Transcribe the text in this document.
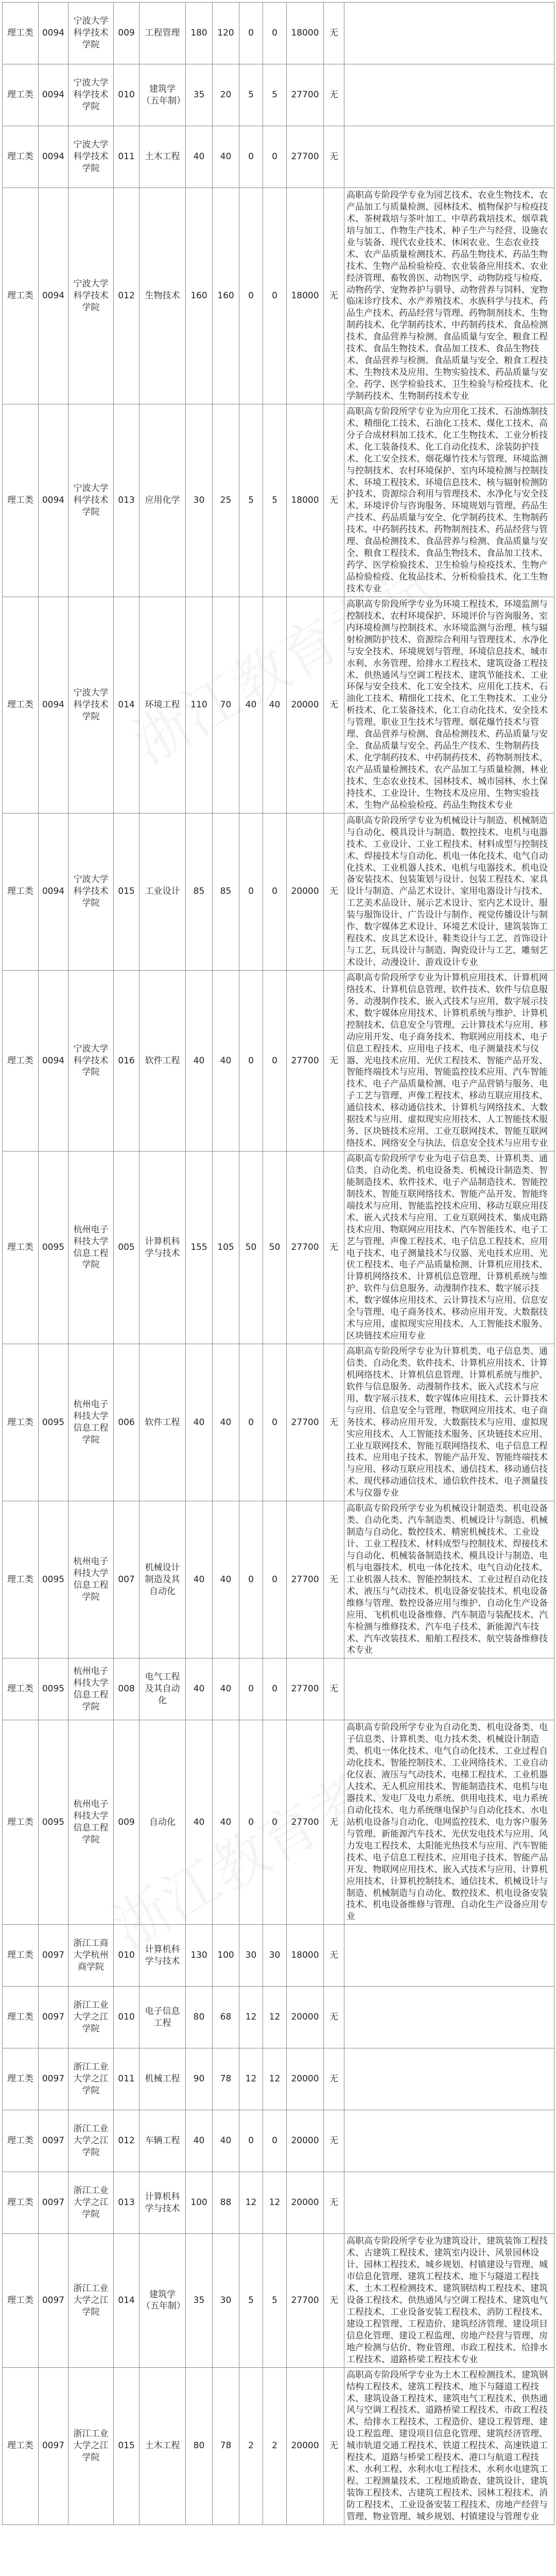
理工类	0094	宁波大学科学技术学院	009	工程管理	180	120	0	0	18000	无	
理工类	0094	宁波大学科学技术学院	010	建筑学（五年制）	35	20	5	5	27700	无	
理工类	0094	宁波大学科学技术学院	011	土木工程	40	40	0	0	27700	无	
理工类	0094	宁波大学科学技术学院	012	生物技术	160	160	0	0	18000	无	高职高专阶段学专业为园艺技术、农业生物技术、农产品加工与质量检测、园林技术、植物保护与检疫技术、茶树栽培与茶叶加工、中草药栽培技术、烟草栽培与加工、作物生产技术、种子生产与经营、设施农业与装备、现代农业技术、休闲农业、生态农业技术、农产品质量检测技术、药品生物技术、药品生物技术、生物产品检验检疫、农业装备应用技术、农业经济管理、畜牧兽医、动物医学、动物防疫与检疫、动物药学、宠物养护与驯导、动物营养与饲料、宠物临床诊疗技术、水产养殖技术、水族科学与技术、药品生产技术、药品经营与管理、药物制剂技术、生物制药技术、化学制药技术、中药制药技术、食品检测技术、食品营养与检测、食品质量与安全、粮食工程技术、食品生物技术、食品加工技术、食品生物技术、食品营养与检测、食品质量与安全、粮食工程技术、生物技术及应用、生物实验技术、药品质量与安全、药学、医学检验技术、卫生检验与检疫技术、化学制药技术、生物制药技术专业
理工类	0094	宁波大学科学技术学院	013	应用化学	30	25	5	5	18000	无	高职高专阶段所学专业为应用化工技术、石油炼制技术、精细化工技术、石油化工技术、煤化工技术、高分子合成材料加工技术、化工生物技术、工业分析技术、化工装备技术、化工自动化技术、涂装防护技术、化工安全技术、烟花爆竹技术与管理、环境监测与控制技术、农村环境保护、室内环境检测与控制技术、环境工程技术、环境信息技术、核与辐射检测防护技术、资源综合利用与管理技术、水净化与安全技术、环境评价与咨询服务、环境规划与管理、药品生产技术、药品质量与安全、化学制药技术、生物制药技术、中药制药技术、药物制剂技术、药品经营与管理、食品检测技术、食品营养与检测、食品质量与安全、粮食工程技术、食品生物技术、食品加工技术、药学、医学检验技术、卫生检验与检疫技术、生物产品检验检疫、化妆品技术、分析检验技术、化工生物技术专业
理工类	0094	宁波大学科学技术学院	014	环境工程	110	70	40	40	20000	无	高职高专阶段所学专业为环境工程技术、环境监测与控制技术、农村环境保护、环境评价与咨询服务、室内环境检测与控制技术、水环境监测与治理、核与辐射检测防护技术、资源综合利用与管理技术、水净化与安全技术、环境规划与管理、环境信息技术、城市水利、水务管理、给排水工程技术、建筑设备工程技术、供热通风与空调工程技术、建筑节能技术、工业环保与安全技术、化工安全技术、应用化工技术、石油化工技术、精细化工技术、化工生物技术、工业分析技术、化工装备技术、化工自动化技术、安全技术与管理、职业卫生技术与管理、烟花爆竹技术与管理、食品营养与检测、食品检测技术、药品质量与安全、食品质量与安全、药品生产技术、生物制药技术、化学制药技术、中药制药技术、药物制剂技术、农产品质量检测技术、农产品加工与质量检测、林业技术、生态农业技术、园林技术、城市园林、水土保持技术、工业设计、生物技术及应用、生物实验技术、生物产品检验检疫、药品生物技术专业
理工类	0094	宁波大学科学技术学院	015	工业设计	85	85	0	0	20000	无	高职高专阶段所学专业为机械设计与制造、机械制造与自动化、模具设计与制造、数控技术、电机与电器技术、工业设计、工业工程技术、材料成型与控制技术、焊接技术与自动化、机电一体化技术、电气自动化技术、工业机器人技术、电机与电器技术、机电设备安装技术、包装策划与设计、包装工程技术、家具设计与制造、产品艺术设计、家用电器设计与技术、工艺美术品设计、展示艺术设计、室内艺术设计、服装与服饰设计、广告设计与制作、视觉传播设计与制作、数字媒体艺术设计、环境艺术设计、建筑装饰工程技术、皮具艺术设计、鞋类设计与工艺、首饰设计与工艺、玩具设计与制造、陶瓷设计与工艺、雕刻艺术设计、动漫设计、游戏设计专业
理工类	0094	宁波大学科学技术学院	016	软件工程	40	40	0	0	27700	无	高职高专阶段所学专业为计算机应用技术、计算机网络技术、计算机信息管理、软件技术、软件与信息服务、动漫制作技术、嵌入式技术与应用、数字展示技术、数字媒体应用技术、计算机系统与维护、计算机控制技术、信息安全与管理、云计算技术与应用、移动应用开发、电子商务技术、物联网应用技术、电子信息工程技术、应用电子技术、电子测量技术与仪器、光电技术应用、光伏工程技术、智能产品开发、智能终端技术与应用、智能监控技术应用、汽车智能技术、电子产品质量检测、电子产品营销与服务、电子工艺与管理、声像工程技术、移动互联应用技术、通信技术、移动通信技术、计算机与网络技术、大数据技术与应用、虚拟现实应用技术、人工智能技术服务、区块链技术应用、工业互联网技术、智能互联网络技术、网络安全与执法、信息安全技术与应用专业
理工类	0095	杭州电子科技大学信息工程学院	005	计算机科学与技术	155	105	50	50	27700	无	高职高专阶段所学专业为电子信息类、计算机类、通信类、自动化类、机电设备类、机械设计制造类、智能制造技术、软件技术、电子产品制造技术、智能控制技术、智能互联网络技术、智能产品开发、智能终端技术与应用、智能监控技术应用、移动互联应用技术、嵌入式技术与应用、工业互联网技术、集成电路技术应用、物联网应用技术、汽车智能技术、电子工艺与管理、声像工程技术、电子信息工程技术、应用电子技术、电子测量技术与仪器、光电技术应用、光伏工程技术、电子产品质量检测、计算机应用技术、计算机网络技术、计算机信息管理、计算机系统与维护、软件与信息服务、动漫制作技术、数字展示技术、数字媒体应用技术、云计算技术与应用、信息安全与管理、电子商务技术、移动应用开发、大数据技术与应用、虚拟现实应用技术、人工智能技术服务、区块链技术应用专业
理工类	0095	杭州电子科技大学信息工程学院	006	软件工程	40	40	0	0	27700	无	高职高专阶段所学专业为计算机类、电子信息类、通信类、自动化类、软件技术、计算机应用技术、计算机网络技术、计算机信息管理、计算机系统与维护、软件与信息服务、动漫制作技术、嵌入式技术与应用、数字展示技术、数字媒体应用技术、云计算技术与应用、信息安全与管理、物联网应用技术、电子商务技术、移动应用开发、大数据技术与应用、虚拟现实应用技术、人工智能技术服务、区块链技术应用、工业互联网技术、智能互联网络技术、电子信息工程技术、应用电子技术、智能产品开发、智能终端技术与应用、移动互联应用技术、通信技术、移动通信技术、现代移动通信技术、通信软件技术、电子测量技术与仪器专业
理工类	0095	杭州电子科技大学信息工程学院	007	机械设计制造及其自动化	40	40	0	0	27700	无	高职高专阶段所学专业为机械设计制造类、机电设备类、自动化类、汽车制造类、机械设计与制造、机械制造与自动化、数控技术、精密机械技术、工业设计、工业工程技术、材料成型与控制技术、焊接技术与自动化、机械装备制造技术、模具设计与制造、电机与电器技术、机电一体化技术、电气自动化技术、工业机器人技术、智能控制技术、工业过程自动化技术、液压与气动技术、机电设备安装技术、机电设备维修与管理、数控设备应用与维护、自动化生产设备应用、飞机机电设备维修、汽车制造与装配技术、汽车检测与维修技术、汽车电子技术、新能源汽车技术、汽车改装技术、船舶工程技术、航空装备维修技术专业
理工类	0095	杭州电子科技大学信息工程学院	008	电气工程及其自动化	40	40	0	0	27700	无	
理工类	0095	杭州电子科技大学信息工程学院	009	自动化	40	40	0	0	27700	无	高职高专阶段所学专业为自动化类、机电设备类、电子信息类、计算机类、电力技术类、机械设计制造类、机电一体化技术、电气自动化技术、工业过程自动化技术、智能控制技术、工业网络技术、工业自动化仪表、液压与气动技术、电梯工程技术、工业机器人技术、无人机应用技术、智能制造技术、电机与电器技术、发电厂及电力系统、供用电技术、电力系统自动化技术、电力系统继电保护与自动化技术、水电站机电设备与自动化、电网监控技术、电力客户服务与管理、新能源汽车技术、光伏发电技术与应用、风力发电工程技术、太阳能光热技术与应用、汽车智能技术、电子信息工程技术、应用电子技术、智能产品开发、物联网应用技术、嵌入式技术与应用、计算机应用技术、计算机控制技术、通信技术、机械设计与制造、机械制造与自动化、数控技术、机电设备安装技术、机电设备维修与管理、自动化生产设备应用专业
理工类	0097	浙江工商大学杭州商学院	010	计算机科学与技术	130	100	30	30	18000	无	
理工类	0097	浙江工业大学之江学院	010	电子信息工程	80	68	12	12	20000	无	
理工类	0097	浙江工业大学之江学院	011	机械工程	90	78	12	12	20000	无	
理工类	0097	浙江工业大学之江学院	012	车辆工程	40	40	0	0	20000	无	
理工类	0097	浙江工业大学之江学院	013	计算机科学与技术	100	88	12	12	20000	无	
理工类	0097	浙江工业大学之江学院	014	建筑学（五年制）	35	30	5	5	27700	无	高职高专阶段所学专业为建筑设计、建筑装饰工程技术、古建筑工程技术、建筑室内设计、风景园林设计、园林工程技术、城乡规划、村镇建设与管理、城市信息化管理、建筑工程技术、地下与隧道工程技术、土木工程检测技术、建筑钢结构工程技术、建筑设备工程技术、供热通风与空调工程技术、建筑电气工程技术、工业设备安装工程技术、消防工程技术、建设工程管理、工程造价、建筑经济管理、建设项目信息化管理、建设工程监理、房地产经营与管理、房地产检测与估价、物业管理、市政工程技术、给排水工程技术、道路桥梁工程技术专业
理工类	0097	浙江工业大学之江学院	015	土木工程	80	78	2	2	20000	无	高职高专阶段所学专业为土木工程检测技术、建筑钢结构工程技术、建筑工程技术、地下与隧道工程技术、建筑设备工程技术、建筑电气工程技术、供热通风与空调工程技术、道路桥梁工程技术、市政工程技术、给排水工程技术、工程造价、建设工程管理、建设工程监理、建设项目信息化管理、建筑经济管理、城市轨道交通工程技术、铁道工程技术、高速铁道工程技术、道路与桥梁工程技术、港口与航道工程技术、水利工程、水利水电工程技术、水利水电建筑工程、工程测量技术、工程地质勘查、建筑设计、建筑装饰工程技术、古建筑工程技术、园林工程技术、消防工程技术、工业设备安装工程技术、房地产经营与管理、物业管理、城乡规划、村镇建设与管理专业
